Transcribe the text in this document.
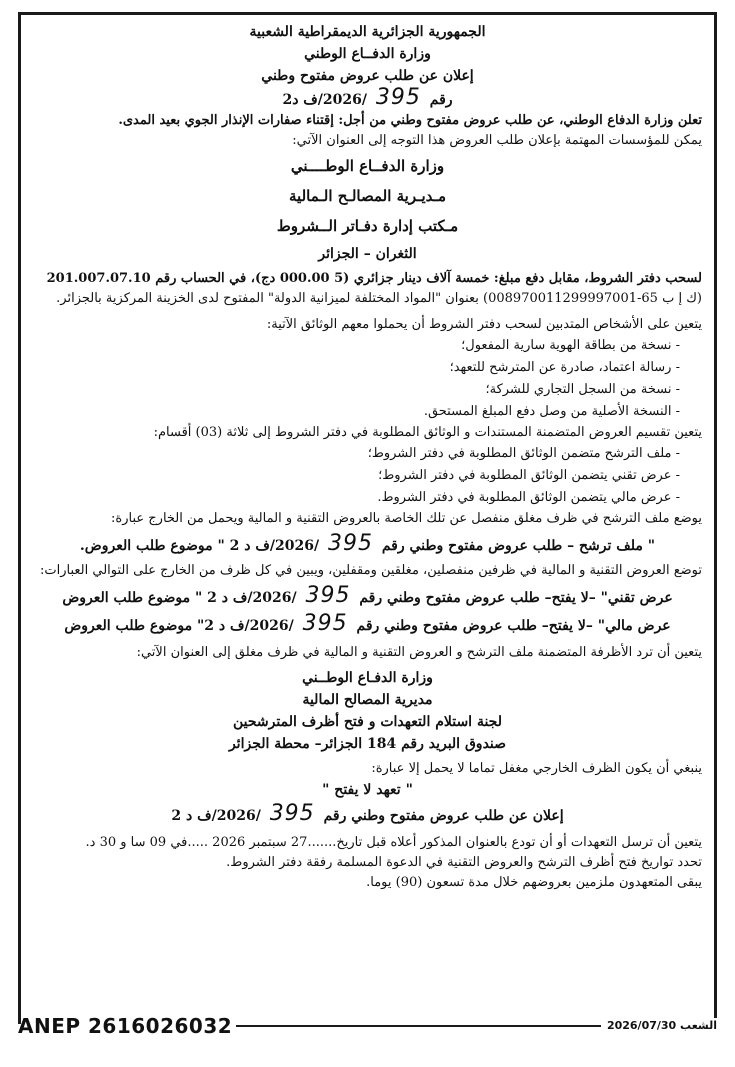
الجمهورية الجزائرية الديمقراطية الشعبية

وزارة الدفــاع الوطني

إعلان عن طلب عروض مفتوح وطني

رقم 395 /2026/ف د2

تعلن وزارة الدفاع الوطني، عن طلب عروض مفتوح وطني من أجل: إقتناء صفارات الإنذار الجوي بعيد المدى.

يمكن للمؤسسات المهتمة بإعلان طلب العروض هذا التوجه إلى العنوان الآتي:

وزارة الدفــاع الوطــــني

مـديـرية المصالـح الـمالية

مـكتب إدارة دفـاتر الــشروط

الثغران – الجزائر

لسحب دفتر الشروط، مقابل دفع مبلغ: خمسة آلاف دينار جزائري (5 000.00 دج)، في الحساب رقم 201.007.07.10

(ك إ ب 65-008970011299997001) بعنوان "المواد المختلفة لميزانية الدولة" المفتوح لدى الخزينة المركزية بالجزائر.

يتعين على الأشخاص المتدبين لسحب دفتر الشروط أن يحملوا معهم الوثائق الآتية:

- نسخة من بطاقة الهوية سارية المفعول؛

- رسالة اعتماد، صادرة عن المترشح للتعهد؛

- نسخة من السجل التجاري للشركة؛

- النسخة الأصلية من وصل دفع المبلغ المستحق.

يتعين تقسيم العروض المتضمنة المستندات و الوثائق المطلوبة في دفتر الشروط إلى ثلاثة (03) أقسام:

- ملف الترشح متضمن الوثائق المطلوبة في دفتر الشروط؛

- عرض تقني يتضمن الوثائق المطلوبة في دفتر الشروط؛

- عرض مالي يتضمن الوثائق المطلوبة في دفتر الشروط.

يوضع ملف الترشح في ظرف مغلق منفصل عن تلك الخاصة بالعروض التقنية و المالية ويحمل من الخارج عبارة:

" ملف ترشح – طلب عروض مفتوح وطني رقم 395 /2026/ف د 2 " موضوع طلب العروض.

توضع العروض التقنية و المالية في ظرفين منفصلين، مغلقين ومقفلين، ويبين في كل ظرف من الخارج على التوالي العبارات:

عرض تقني" –لا يفتح– طلب عروض مفتوح وطني رقم 395 /2026/ف د 2 " موضوع طلب العروض

عرض مالي" –لا يفتح– طلب عروض مفتوح وطني رقم 395 /2026/ف د 2" موضوع طلب العروض

يتعين أن ترد الأظرفة المتضمنة ملف الترشح و العروض التقنية و المالية في ظرف مغلق إلى العنوان الآتي:

وزارة الدفـاع الوطــني

مديرية المصالح المالية

لجنة استلام التعهدات و فتح أظرف المترشحين

صندوق البريد رقم 184 الجزائر– محطة الجزائر

ينبغي أن يكون الظرف الخارجي مغفل تماما لا يحمل إلا عبارة:

" تعهد لا يفتح "

إعلان عن طلب عروض مفتوح وطني رقم 395 /2026/ف د 2

يتعين أن ترسل التعهدات أو أن تودع بالعنوان المذكور أعلاه قبل تاريخ.......27 سبتمبر 2026 .....في 09 سا و 30 د.

تحدد تواريخ فتح أظرف الترشح والعروض التقنية في الدعوة المسلمة رفقة دفتر الشروط.

يبقى المتعهدون ملزمين بعروضهم خلال مدة تسعون (90) يوما.

ANEP 2616026032	2026/07/30 الشعب
